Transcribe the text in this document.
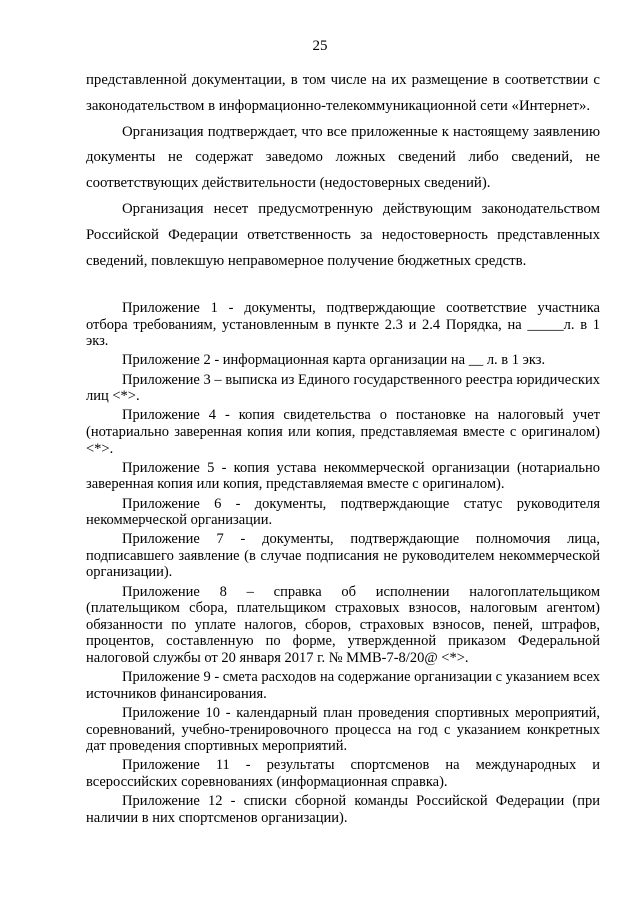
25

представленной документации, в том числе на их размещение в соответствии с законодательством в информационно-телекоммуникационной сети «Интернет».

Организация подтверждает, что все приложенные к настоящему заявлению документы не содержат заведомо ложных сведений либо сведений, не соответствующих действительности (недостоверных сведений).

Организация несет предусмотренную действующим законодательством Российской Федерации ответственность за недостоверность представленных сведений, повлекшую неправомерное получение бюджетных средств.

Приложение 1 - документы, подтверждающие соответствие участника отбора требованиям, установленным в пункте 2.3 и 2.4 Порядка, на _____л. в 1 экз.

Приложение 2 - информационная карта организации на __ л. в 1 экз.

Приложение 3 – выписка из Единого государственного реестра юридических лиц <*>.

Приложение 4 - копия свидетельства о постановке на налоговый учет (нотариально заверенная копия или копия, представляемая вместе с оригиналом) <*>.

Приложение 5 - копия устава некоммерческой организации (нотариально заверенная копия или копия, представляемая вместе с оригиналом).

Приложение 6 - документы, подтверждающие статус руководителя некоммерческой организации.

Приложение 7 - документы, подтверждающие полномочия лица, подписавшего заявление (в случае подписания не руководителем некоммерческой организации).

Приложение 8 – справка об исполнении налогоплательщиком (плательщиком сбора, плательщиком страховых взносов, налоговым агентом) обязанности по уплате налогов, сборов, страховых взносов, пеней, штрафов, процентов, составленную по форме, утвержденной приказом Федеральной налоговой службы от 20 января 2017 г. № ММВ-7-8/20@ <*>.

Приложение 9 - смета расходов на содержание организации с указанием всех источников финансирования.

Приложение 10 - календарный план проведения спортивных мероприятий, соревнований, учебно-тренировочного процесса на год с указанием конкретных дат проведения спортивных мероприятий.

Приложение 11 - результаты спортсменов на международных и всероссийских соревнованиях (информационная справка).

Приложение 12 - списки сборной команды Российской Федерации (при наличии в них спортсменов организации).
